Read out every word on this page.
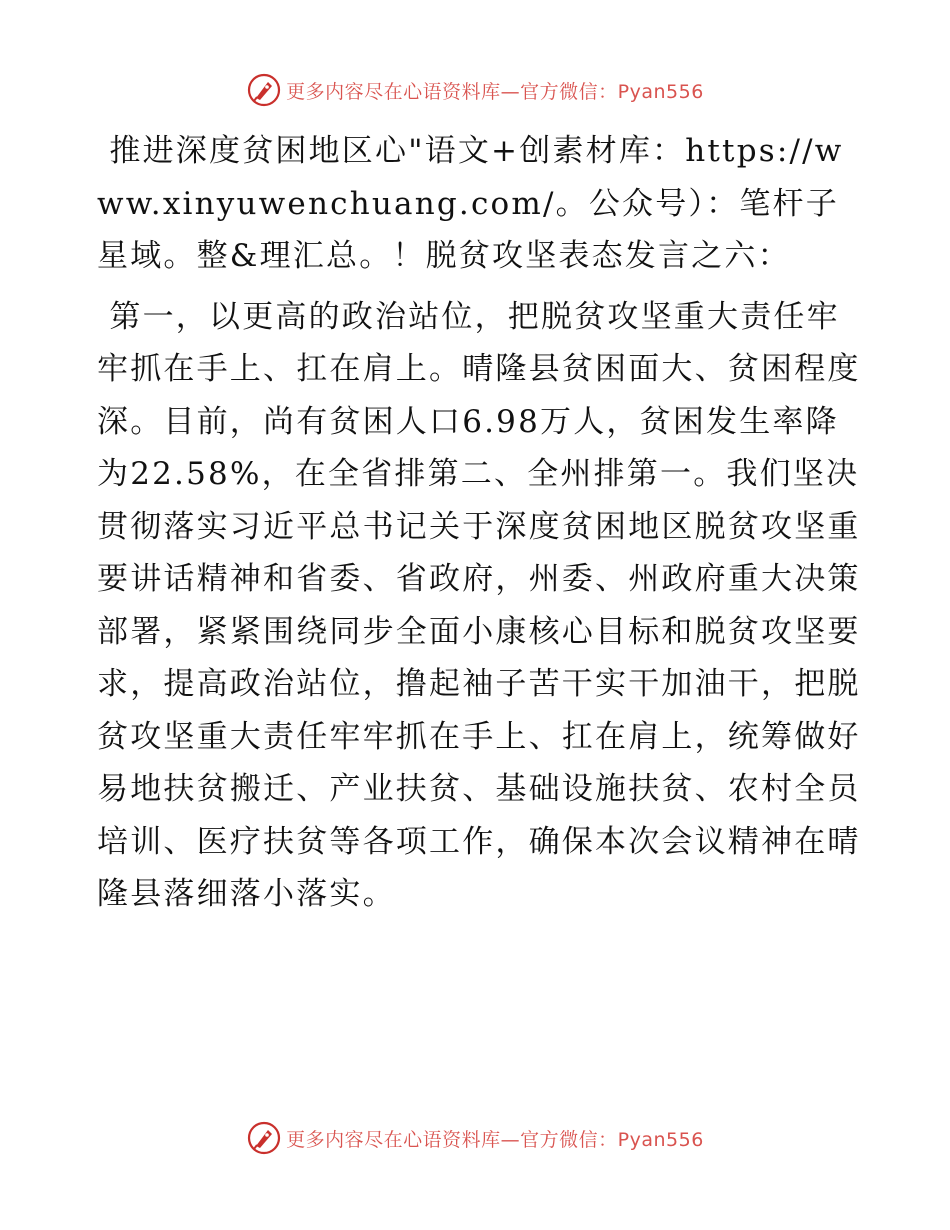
更多内容尽在心语资料库—官方微信：Pyan556

推进深度贫困地区心"语文+创素材库：https://www.xinyuwenchuang.com/。公众号）：笔杆子星域。整&理汇总。！脱贫攻坚表态发言之六：

第一，以更高的政治站位，把脱贫攻坚重大责任牢牢抓在手上、扛在肩上。晴隆县贫困面大、贫困程度深。目前，尚有贫困人口6.98万人，贫困发生率降为22.58%，在全省排第二、全州排第一。我们坚决贯彻落实习近平总书记关于深度贫困地区脱贫攻坚重要讲话精神和省委、省政府，州委、州政府重大决策部署，紧紧围绕同步全面小康核心目标和脱贫攻坚要求，提高政治站位，撸起袖子苦干实干加油干，把脱贫攻坚重大责任牢牢抓在手上、扛在肩上，统筹做好易地扶贫搬迁、产业扶贫、基础设施扶贫、农村全员培训、医疗扶贫等各项工作，确保本次会议精神在晴隆县落细落小落实。

更多内容尽在心语资料库—官方微信：Pyan556
